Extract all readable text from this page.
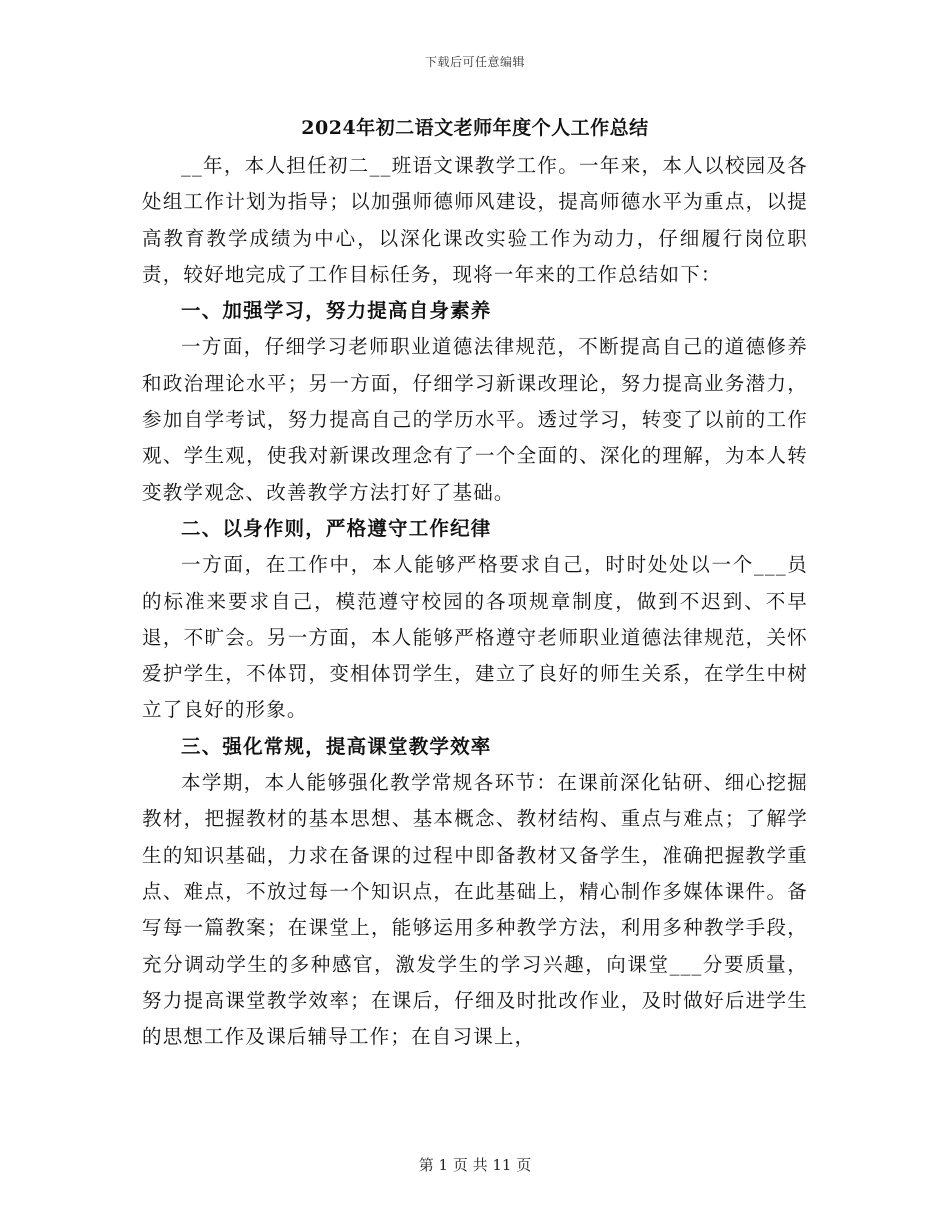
下载后可任意编辑
2024年初二语文老师年度个人工作总结

__年，本人担任初二__班语文课教学工作。一年来，本人以校园及各处组工作计划为指导；以加强师德师风建设，提高师德水平为重点，以提高教育教学成绩为中心，以深化课改实验工作为动力，仔细履行岗位职责，较好地完成了工作目标任务，现将一年来的工作总结如下：

一、加强学习，努力提高自身素养

一方面，仔细学习老师职业道德法律规范，不断提高自己的道德修养和政治理论水平；另一方面，仔细学习新课改理论，努力提高业务潜力，参加自学考试，努力提高自己的学历水平。透过学习，转变了以前的工作观、学生观，使我对新课改理念有了一个全面的、深化的理解，为本人转变教学观念、改善教学方法打好了基础。

二、以身作则，严格遵守工作纪律

一方面，在工作中，本人能够严格要求自己，时时处处以一个___员的标准来要求自己，模范遵守校园的各项规章制度，做到不迟到、不早退，不旷会。另一方面，本人能够严格遵守老师职业道德法律规范，关怀爱护学生，不体罚，变相体罚学生，建立了良好的师生关系，在学生中树立了良好的形象。

三、强化常规，提高课堂教学效率

本学期，本人能够强化教学常规各环节：在课前深化钻研、细心挖掘教材，把握教材的基本思想、基本概念、教材结构、重点与难点；了解学生的知识基础，力求在备课的过程中即备教材又备学生，准确把握教学重点、难点，不放过每一个知识点，在此基础上，精心制作多媒体课件。备写每一篇教案；在课堂上，能够运用多种教学方法，利用多种教学手段，充分调动学生的多种感官，激发学生的学习兴趣，向课堂___分要质量，努力提高课堂教学效率；在课后，仔细及时批改作业，及时做好后进学生的思想工作及课后辅导工作；在自习课上，

第 1 页 共 11 页
